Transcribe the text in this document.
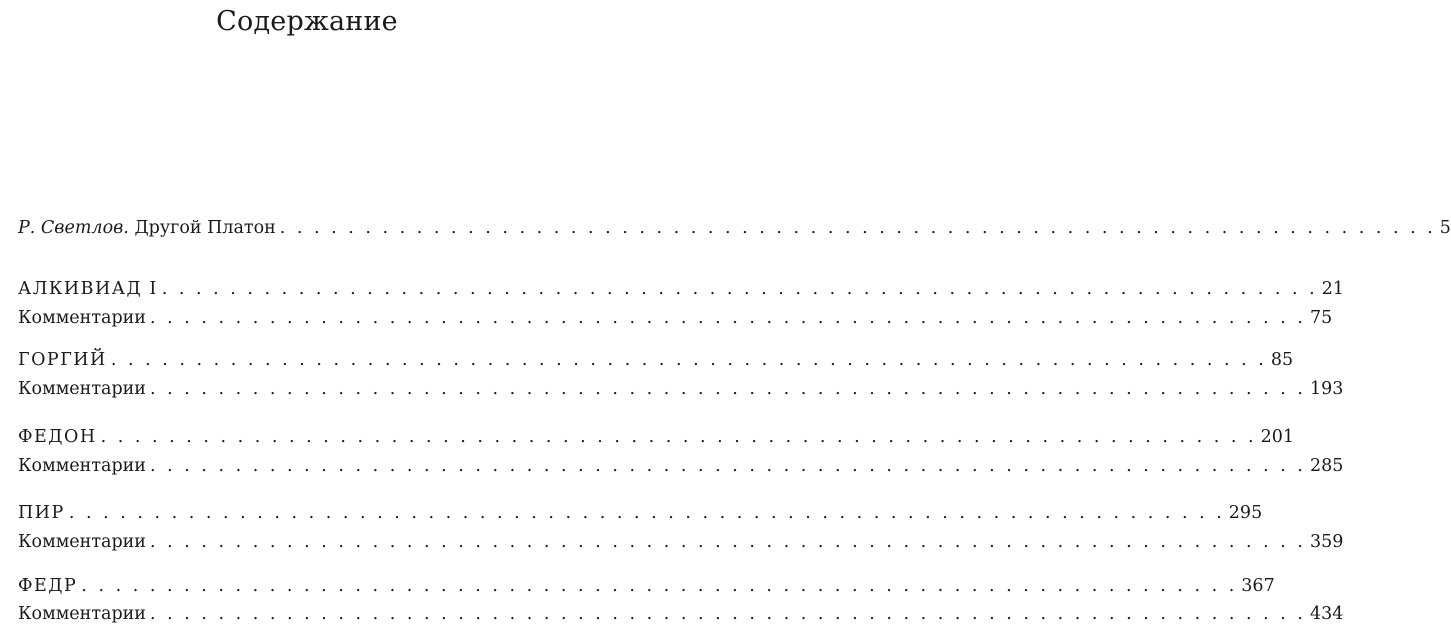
Содержание
Р. Светлов. Другой Платон . . . . . . . . . . . . . . . . . . . . . . . . . . . . . . . . . . . . . . . . . . . . . . . . . . . . . . . . . . . . . . . . . . . . 5
АЛКИВИАД I . . . . . . . . . . . . . . . . . . . . . . . . . . . . . . . . . . . . . . . . . . . . . . . . . . . . . . . . . . . . . . . . . . . . 21
Комментарии . . . . . . . . . . . . . . . . . . . . . . . . . . . . . . . . . . . . . . . . . . . . . . . . . . . . . . . . . . . . . . . . . . . . 75
ГОРГИЙ . . . . . . . . . . . . . . . . . . . . . . . . . . . . . . . . . . . . . . . . . . . . . . . . . . . . . . . . . . . . . . . . . . . . 85
Комментарии . . . . . . . . . . . . . . . . . . . . . . . . . . . . . . . . . . . . . . . . . . . . . . . . . . . . . . . . . . . . . . . . . . . . 193
ФЕДОН . . . . . . . . . . . . . . . . . . . . . . . . . . . . . . . . . . . . . . . . . . . . . . . . . . . . . . . . . . . . . . . . . . . . 201
Комментарии . . . . . . . . . . . . . . . . . . . . . . . . . . . . . . . . . . . . . . . . . . . . . . . . . . . . . . . . . . . . . . . . . . . . 285
ПИР . . . . . . . . . . . . . . . . . . . . . . . . . . . . . . . . . . . . . . . . . . . . . . . . . . . . . . . . . . . . . . . . . . . . 295
Комментарии . . . . . . . . . . . . . . . . . . . . . . . . . . . . . . . . . . . . . . . . . . . . . . . . . . . . . . . . . . . . . . . . . . . . 359
ФЕДР . . . . . . . . . . . . . . . . . . . . . . . . . . . . . . . . . . . . . . . . . . . . . . . . . . . . . . . . . . . . . . . . . . . . 367
Комментарии . . . . . . . . . . . . . . . . . . . . . . . . . . . . . . . . . . . . . . . . . . . . . . . . . . . . . . . . . . . . . . . . . . . . 434
